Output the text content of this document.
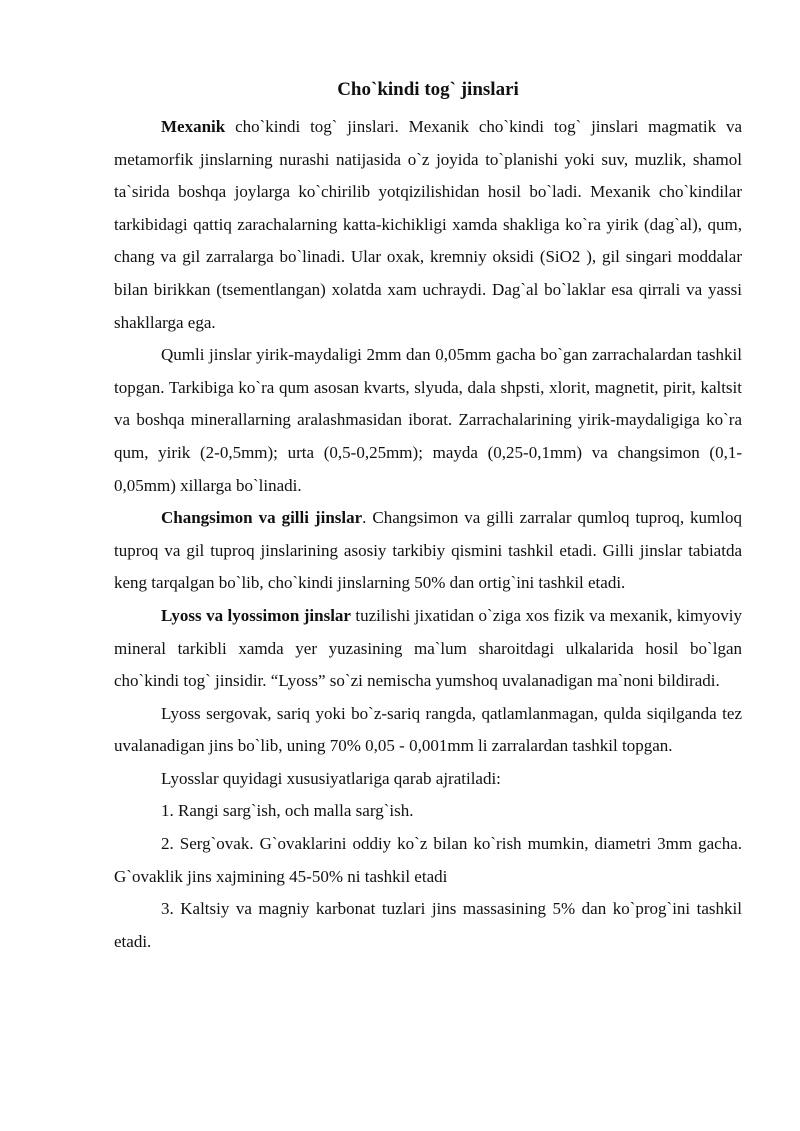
Cho`kindi tog` jinslari

Mexanik cho`kindi tog` jinslari. Mexanik cho`kindi tog` jinslari magmatik va metamorfik jinslarning nurashi natijasida o`z joyida to`planishi yoki suv, muzlik, shamol ta`sirida boshqa joylarga ko`chirilib yotqizilishidan hosil bo`ladi. Mexanik cho`kindilar tarkibidagi qattiq zarachalarning katta-kichikligi xamda shakliga ko`ra yirik (dag`al), qum, chang va gil zarralarga bo`linadi. Ular oxak, kremniy oksidi (SiO2 ), gil singari moddalar bilan birikkan (tsementlangan) xolatda xam uchraydi. Dag`al bo`laklar esa qirrali va yassi shakllarga ega.

Qumli jinslar yirik-maydaligi 2mm dan 0,05mm gacha bo`gan zarrachalardan tashkil topgan. Tarkibiga ko`ra qum asosan kvarts, slyuda, dala shpsti, xlorit, magnetit, pirit, kaltsit va boshqa minerallarning aralashmasidan iborat. Zarrachalarining yirik-maydaligiga ko`ra qum, yirik (2-0,5mm); urta (0,5-0,25mm); mayda (0,25-0,1mm) va changsimon (0,1-0,05mm) xillarga bo`linadi.

Changsimon va gilli jinslar. Changsimon va gilli zarralar qumloq tuproq, kumloq tuproq va gil tuproq jinslarining asosiy tarkibiy qismini tashkil etadi. Gilli jinslar tabiatda keng tarqalgan bo`lib, cho`kindi jinslarning 50% dan ortig`ini tashkil etadi.

Lyoss va lyossimon jinslar tuzilishi jixatidan o`ziga xos fizik va mexanik, kimyoviy mineral tarkibli xamda yer yuzasining ma`lum sharoitdagi ulkalarida hosil bo`lgan cho`kindi tog` jinsidir. “Lyoss” so`zi nemischa yumshoq uvalanadigan ma`noni bildiradi.

Lyoss sergovak, sariq yoki bo`z-sariq rangda, qatlamlanmagan, qulda siqilganda tez uvalanadigan jins bo`lib, uning 70% 0,05 - 0,001mm li zarralardan tashkil topgan.

Lyosslar quyidagi xususiyatlariga qarab ajratiladi:

1. Rangi sarg`ish, och malla sarg`ish.

2. Serg`ovak. G`ovaklarini oddiy ko`z bilan ko`rish mumkin, diametri 3mm gacha. G`ovaklik jins xajmining 45-50% ni tashkil etadi

3. Kaltsiy va magniy karbonat tuzlari jins massasining 5% dan ko`prog`ini tashkil etadi.
